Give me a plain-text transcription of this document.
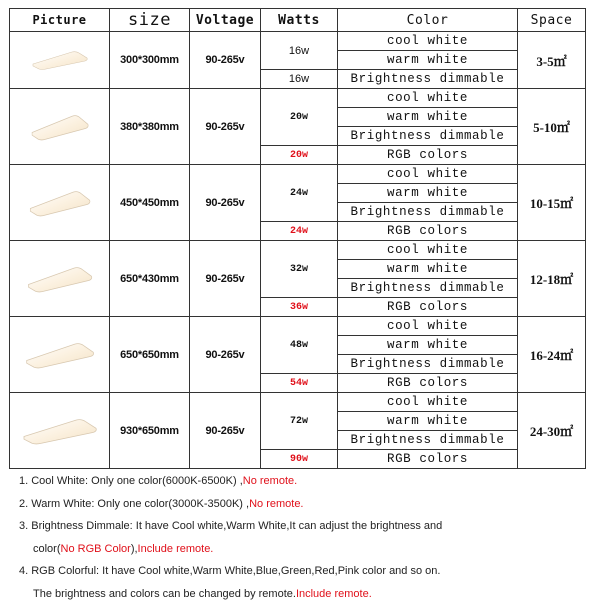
Picture	size	Voltage	Watts	Color	Space

	300*300mm	90-265v	16w	cool white	3-5㎡
				warm white	
			16w	Brightness dimmable	

	380*380mm	90-265v	20w	cool white	5-10㎡
				warm white	
				Brightness dimmable	
			20w	RGB colors	

	450*450mm	90-265v	24w	cool white	10-15㎡
				warm white	
				Brightness dimmable	
			24w	RGB colors	

	650*430mm	90-265v	32w	cool white	12-18㎡
				warm white	
				Brightness dimmable	
			36w	RGB colors	

	650*650mm	90-265v	48w	cool white	16-24㎡
				warm white	
				Brightness dimmable	
			54w	RGB colors	

	930*650mm	90-265v	72w	cool white	24-30㎡
				warm white	
				Brightness dimmable	
			90w	RGB colors	

1. Cool White: Only one color(6000K-6500K) ,No remote.

2. Warm White: Only one color(3000K-3500K) ,No remote.

3. Brightness Dimmale: It have Cool white,Warm White,It can adjust the brightness and

color(No RGB Color),Include remote.

4. RGB Colorful: It have Cool white,Warm White,Blue,Green,Red,Pink color and so on.

The brightness and colors can be changed by remote.Include remote.
